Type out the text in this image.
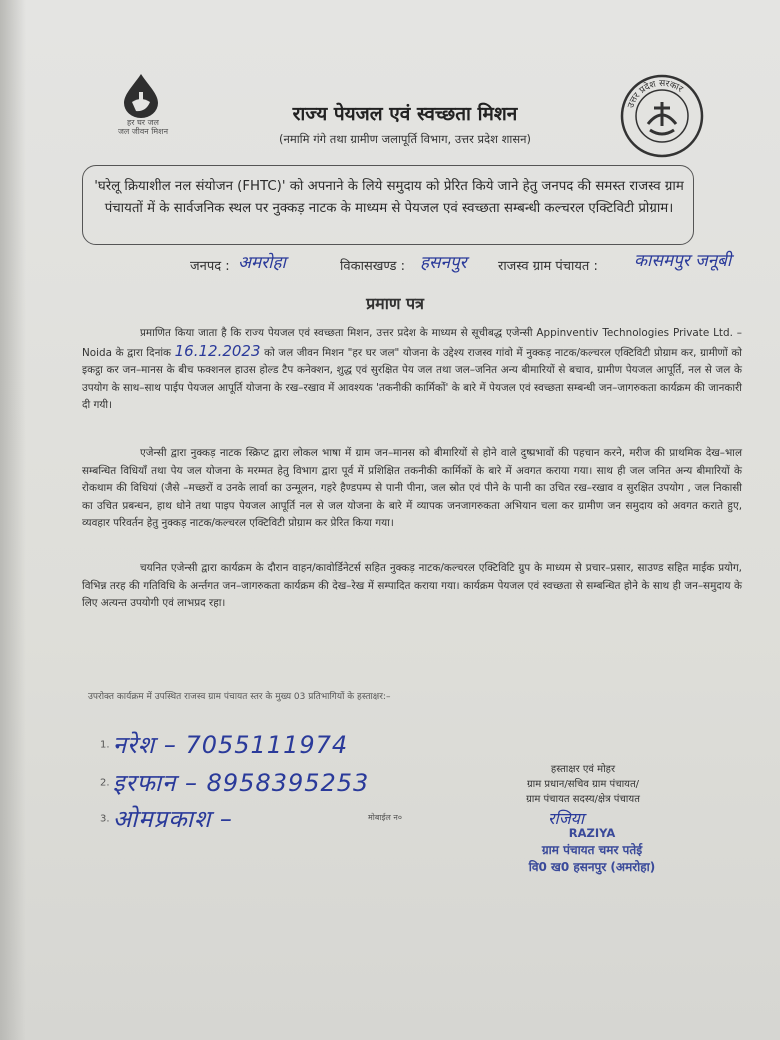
हर घर जल
जल जीवन मिशन
राज्य पेयजल एवं स्वच्छता मिशन
(नमामि गंगे तथा ग्रामीण जलापूर्ति विभाग, उत्तर प्रदेश शासन)
उत्तर प्रदेश सरकार
'घरेलू क्रियाशील नल संयोजन (FHTC)' को अपनाने के लिये समुदाय को प्रेरित किये जाने हेतु जनपद की समस्त राजस्व ग्राम पंचायतों में के सार्वजनिक स्थल पर नुक्कड़ नाटक के माध्यम से पेयजल एवं स्वच्छता सम्बन्धी कल्चरल एक्टिविटी प्रोग्राम।
जनपद : अमरोहा	विकासखण्ड : हसनपुर राजस्व ग्राम पंचायत : कासमपुर जनूबी
प्रमाण पत्र
प्रमाणित किया जाता है कि राज्य पेयजल एवं स्वच्छता मिशन, उत्तर प्रदेश के माध्यम से सूचीबद्ध एजेन्सी Appinventiv Technologies Private Ltd. – Noida के द्वारा दिनांक 16.12.2023 को जल जीवन मिशन "हर घर जल" योजना के उद्देश्य राजस्व गांवो में नुक्कड़ नाटक/कल्चरल एक्टिविटी प्रोग्राम कर, ग्रामीणों को इकट्ठा कर जन–मानस के बीच फक्शनल हाउस होल्ड टैप कनेक्शन, शुद्ध एवं सुरक्षित पेय जल तथा जल–जनित अन्य बीमारियों से बचाव, ग्रामीण पेयजल आपूर्ति, नल से जल के उपयोग के साथ–साथ पाईप पेयजल आपूर्ति योजना के रख–रखाव में आवश्यक 'तकनीकी कार्मिकों' के बारे में पेयजल एवं स्वच्छता सम्बन्धी जन–जागरुकता कार्यक्रम की जानकारी दी गयी।
एजेन्सी द्वारा नुक्कड़ नाटक स्क्रिप्ट द्वारा लोकल भाषा में ग्राम जन–मानस को बीमारियों से होने वाले दुष्प्रभावों की पहचान करने, मरीज की प्राथमिक देख–भाल सम्बन्धित विधियाँ तथा पेय जल योजना के मरम्मत हेतु विभाग द्वारा पूर्व में प्रशिक्षित तकनीकी कार्मिकों के बारे में अवगत कराया गया। साथ ही जल जनित अन्य बीमारियों के रोकथाम की विधियां (जैसे –मच्छरों व उनके लार्वा का उन्मूलन, गहरे हैण्डपम्प से पानी पीना, जल स्रोत एवं पीने के पानी का उचित रख–रखाव व सुरक्षित उपयोग , जल निकासी का उचित प्रबन्धन, हाथ धोने तथा पाइप पेयजल आपूर्ति नल से जल योजना के बारे में व्यापक जनजागरुकता अभियान चला कर ग्रामीण जन समुदाय को अवगत कराते हुए, व्यवहार परिवर्तन हेतु नुक्कड़ नाटक/कल्चरल एक्टिविटी प्रोग्राम कर प्रेरित किया गया।
चयनित एजेन्सी द्वारा कार्यक्रम के दौरान वाहन/कावोर्डिनेटर्स सहित नुक्कड़ नाटक/कल्चरल एक्टिविटि ग्रुप के माध्यम से प्रचार–प्रसार, साउण्ड सहित माईक प्रयोग, विभिन्न तरह की गतिविधि के अर्न्तगत जन–जागरुकता कार्यक्रम की देख–रेख में सम्पादित कराया गया। कार्यक्रम पेयजल एवं स्वच्छता से सम्बन्धित होने के साथ ही जन–समुदाय के लिए अत्यन्त उपयोगी एवं लाभप्रद रहा।
उपरोक्त कार्यक्रम में उपस्थित राजस्व ग्राम पंचायत स्तर के मुख्य 03 प्रतिभागियों के हस्ताक्षर:–
1. नरेश – 7055111974
2. इरफान – 8958395253
3. ओमप्रकाश –	मोबाईल न०
हस्ताक्षर एवं मोहर
ग्राम प्रधान/सचिव ग्राम पंचायत/
ग्राम पंचायत सदस्य/क्षेत्र पंचायत
रजिया
RAZIYA
ग्राम पंचायत चमर पतेई
वि0 ख0 हसनपुर (अमरोहा)
